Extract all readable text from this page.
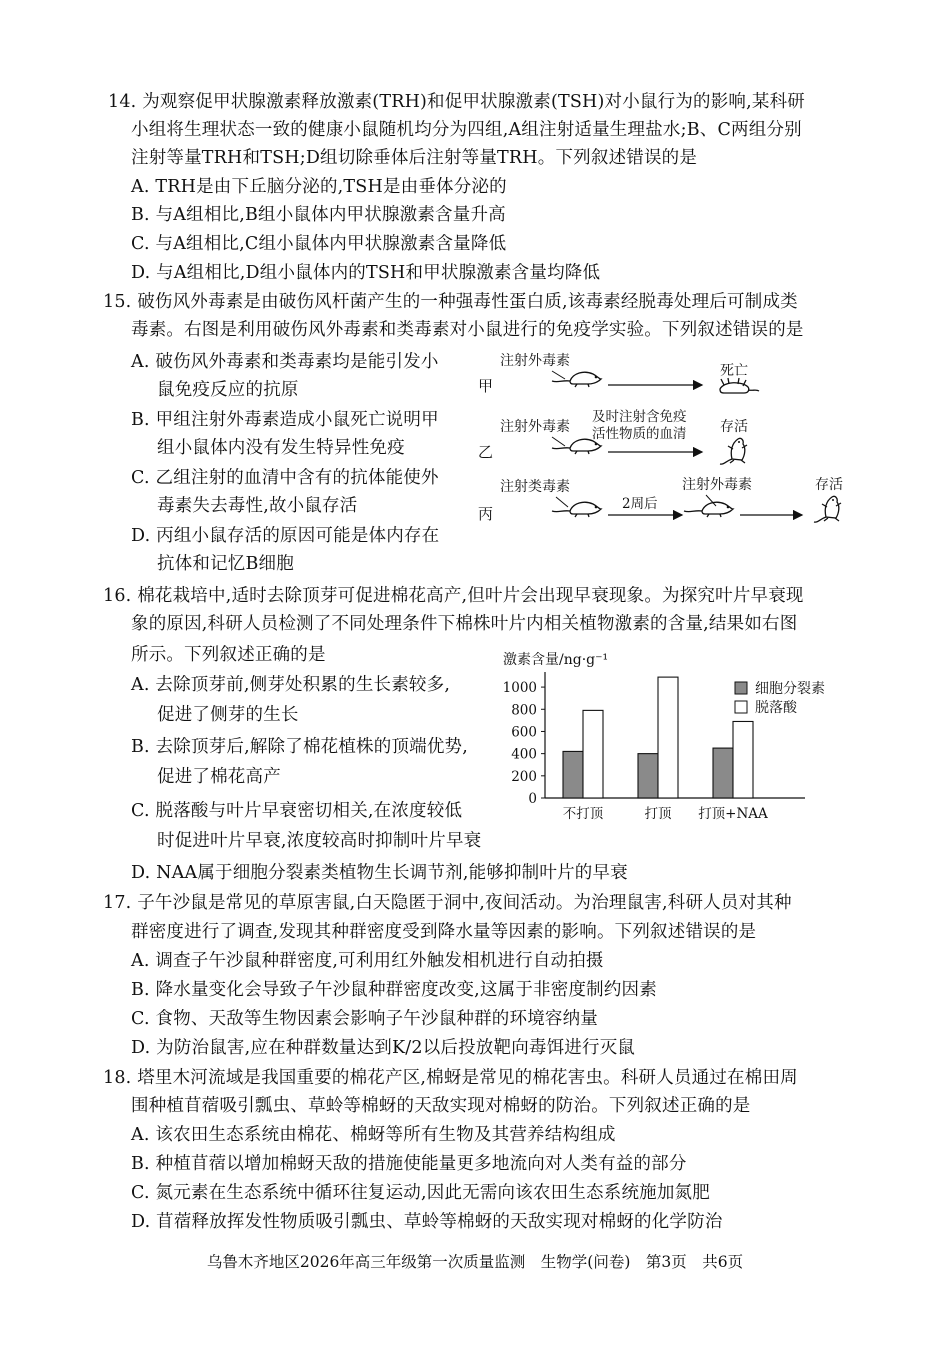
14. 为观察促甲状腺激素释放激素(TRH)和促甲状腺激素(TSH)对小鼠行为的影响,某科研
小组将生理状态一致的健康小鼠随机均分为四组,A组注射适量生理盐水;B、C两组分别
注射等量TRH和TSH;D组切除垂体后注射等量TRH。下列叙述错误的是
A. TRH是由下丘脑分泌的,TSH是由垂体分泌的
B. 与A组相比,B组小鼠体内甲状腺激素含量升高
C. 与A组相比,C组小鼠体内甲状腺激素含量降低
D. 与A组相比,D组小鼠体内的TSH和甲状腺激素含量均降低
15. 破伤风外毒素是由破伤风杆菌产生的一种强毒性蛋白质,该毒素经脱毒处理后可制成类
毒素。右图是利用破伤风外毒素和类毒素对小鼠进行的免疫学实验。下列叙述错误的是
A. 破伤风外毒素和类毒素均是能引发小
鼠免疫反应的抗原
B. 甲组注射外毒素造成小鼠死亡说明甲
组小鼠体内没有发生特异性免疫
C. 乙组注射的血清中含有的抗体能使外
毒素失去毒性,故小鼠存活
D. 丙组小鼠存活的原因可能是体内存在
抗体和记忆B细胞
甲
乙
丙
注射外毒素
死亡
注射外毒素
及时注射含免疫
活性物质的血清 存活
注射类毒素
2周后
注射外毒素	存活
16. 棉花栽培中,适时去除顶芽可促进棉花高产,但叶片会出现早衰现象。为探究叶片早衰现
象的原因,科研人员检测了不同处理条件下棉株叶片内相关植物激素的含量,结果如右图
所示。下列叙述正确的是
A. 去除顶芽前,侧芽处积累的生长素较多,
促进了侧芽的生长
B. 去除顶芽后,解除了棉花植株的顶端优势,
促进了棉花高产
C. 脱落酸与叶片早衰密切相关,在浓度较低
时促进叶片早衰,浓度较高时抑制叶片早衰
D. NAA属于细胞分裂素类植物生长调节剂,能够抑制叶片的早衰
激素含量/ng·g⁻¹
0
200
400
600
800
1000
不打顶	打顶 打顶+NAA
细胞分裂素
脱落酸
17. 子午沙鼠是常见的草原害鼠,白天隐匿于洞中,夜间活动。为治理鼠害,科研人员对其种
群密度进行了调查,发现其种群密度受到降水量等因素的影响。下列叙述错误的是
A. 调查子午沙鼠种群密度,可利用红外触发相机进行自动拍摄
B. 降水量变化会导致子午沙鼠种群密度改变,这属于非密度制约因素
C. 食物、天敌等生物因素会影响子午沙鼠种群的环境容纳量
D. 为防治鼠害,应在种群数量达到K/2以后投放靶向毒饵进行灭鼠
18. 塔里木河流域是我国重要的棉花产区,棉蚜是常见的棉花害虫。科研人员通过在棉田周
围种植苜蓿吸引瓢虫、草蛉等棉蚜的天敌实现对棉蚜的防治。下列叙述正确的是
A. 该农田生态系统由棉花、棉蚜等所有生物及其营养结构组成
B. 种植苜蓿以增加棉蚜天敌的措施使能量更多地流向对人类有益的部分
C. 氮元素在生态系统中循环往复运动,因此无需向该农田生态系统施加氮肥
D. 苜蓿释放挥发性物质吸引瓢虫、草蛉等棉蚜的天敌实现对棉蚜的化学防治
乌鲁木齐地区2026年高三年级第一次质量监测　生物学(问卷)　第3页　共6页
